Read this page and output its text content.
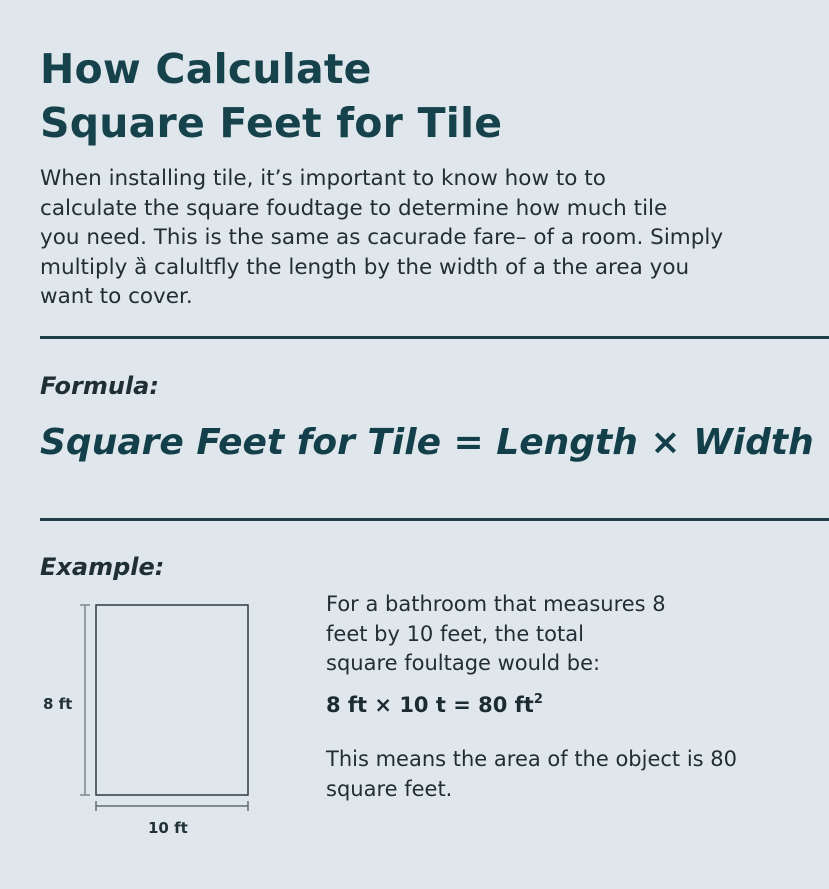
How Calculate
Square Feet for Tile

When installing tile, it’s important to know how to to
calculate the square foudtage to determine how much tile
you need. This is the same as cacurade fare– of a room. Simply
multiply ȁ calultfly the length by the width of a the area you
want to cover.

Formula:
Square Feet for Tile = Length × Width
Example:
8 ft
10 ft
For a bathroom that measures 8
feet by 10 feet, the total
square foultage would be:
8 ft × 10 t = 80 $ft^2$
This means the area of the object is 80
square feet.
